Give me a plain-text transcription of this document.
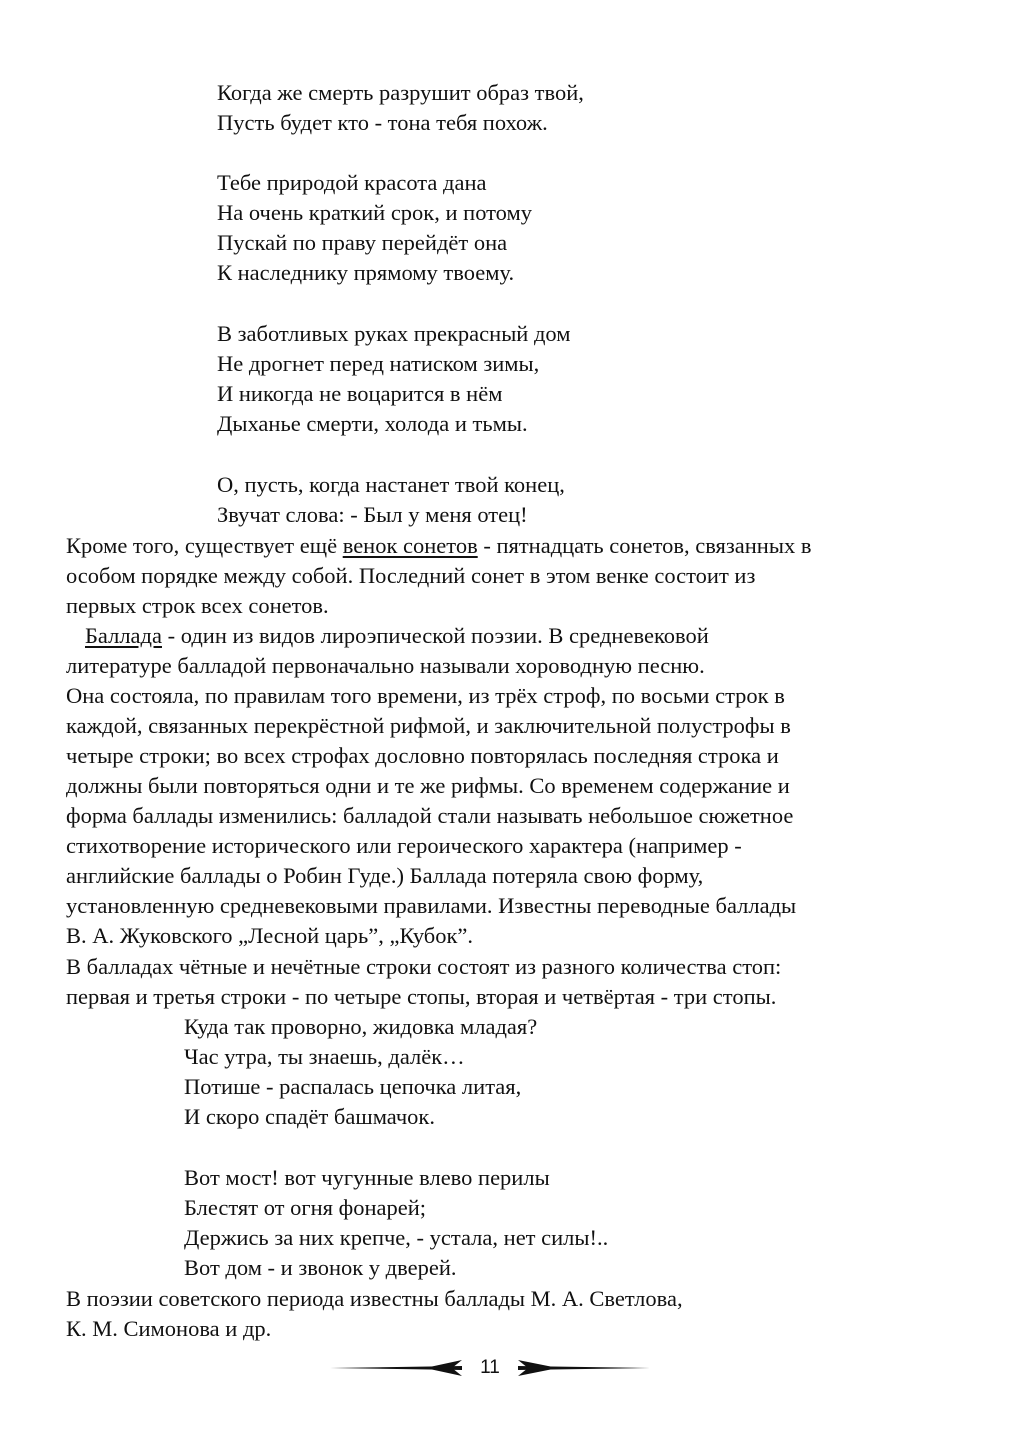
Когда же смерть разрушит образ твой,
Пусть будет кто - тона тебя похож.
Тебе природой красота дана
На очень краткий срок, и потому
Пускай по праву перейдёт она
К наследнику прямому твоему.
В заботливых руках прекрасный дом
Не дрогнет перед натиском зимы,
И никогда не воцарится в нём
Дыханье смерти, холода и тьмы.
О, пусть, когда настанет твой конец,
Звучат слова: - Был у меня отец!
Кроме того, существует ещё венок сонетов - пятнадцать сонетов, связанных в
особом порядке между собой. Последний сонет в этом венке состоит из
первых строк всех сонетов.
Баллада - один из видов лироэпической поэзии. В средневековой
литературе балладой первоначально называли хороводную песню.
Она состояла, по правилам того времени, из трёх строф, по восьми строк в
каждой, связанных перекрёстной рифмой, и заключительной полустрофы в
четыре строки; во всех строфах дословно повторялась последняя строка и
должны были повторяться одни и те же рифмы. Со временем содержание и
форма баллады изменились: балладой стали называть небольшое сюжетное
стихотворение исторического или героического характера (например -
английские баллады о Робин Гуде.) Баллада потеряла свою форму,
установленную средневековыми правилами. Известны переводные баллады
В. А. Жуковского „Лесной царь”, „Кубок”.
В балладах чётные и нечётные строки состоят из разного количества стоп:
первая и третья строки - по четыре стопы, вторая и четвёртая - три стопы.
Куда так проворно, жидовка младая?
Час утра, ты знаешь, далёк…
Потише - распалась цепочка литая,
И скоро спадёт башмачок.
Вот мост! вот чугунные влево перилы
Блестят от огня фонарей;
Держись за них крепче, - устала, нет силы!..
Вот дом - и звонок у дверей.
В поэзии советского периода известны баллады М. А. Светлова,
К. М. Симонова и др.
11
